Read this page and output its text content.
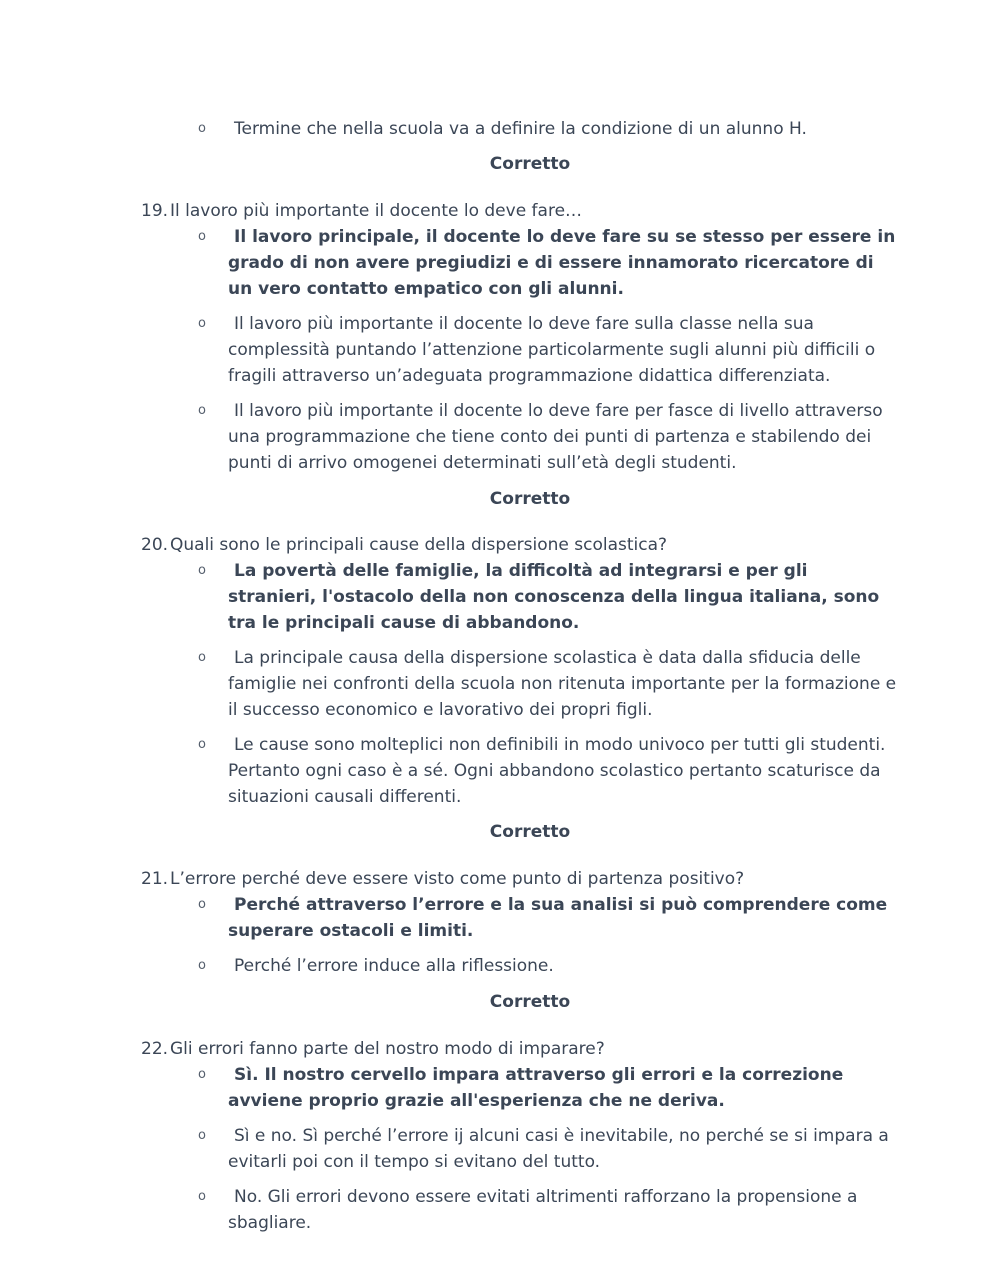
o	Termine che nella scuola va a definire la condizione di un alunno H.
Corretto
19. Il lavoro più importante il docente lo deve fare…
o	Il lavoro principale, il docente lo deve fare su se stesso per essere in grado di non avere pregiudizi e di essere innamorato ricercatore di un vero contatto empatico con gli alunni.
o	Il lavoro più importante il docente lo deve fare sulla classe nella sua complessità puntando l’attenzione particolarmente sugli alunni più difficili o fragili attraverso un’adeguata programmazione didattica differenziata.
o	Il lavoro più importante il docente lo deve fare per fasce di livello attraverso una programmazione che tiene conto dei punti di partenza e stabilendo dei punti di arrivo omogenei determinati sull’età degli studenti.
Corretto
20. Quali sono le principali cause della dispersione scolastica?
o	La povertà delle famiglie, la difficoltà ad integrarsi e per gli stranieri, l'ostacolo della non conoscenza della lingua italiana, sono tra le principali cause di abbandono.
o	La principale causa della dispersione scolastica è data dalla sfiducia delle famiglie nei confronti della scuola non ritenuta importante per la formazione e il successo economico e lavorativo dei propri figli.
o	Le cause sono molteplici non definibili in modo univoco per tutti gli studenti. Pertanto ogni caso è a sé. Ogni abbandono scolastico pertanto scaturisce da situazioni causali differenti.
Corretto
21. L’errore perché deve essere visto come punto di partenza positivo?
o	Perché attraverso l’errore e la sua analisi si può comprendere come superare ostacoli e limiti.
o	Perché l’errore induce alla riflessione.
Corretto
22. Gli errori fanno parte del nostro modo di imparare?
o	Sì. Il nostro cervello impara attraverso gli errori e la correzione avviene proprio grazie all'esperienza che ne deriva.
o	Sì e no. Sì perché l’errore ij alcuni casi è inevitabile, no perché se si impara a evitarli poi con il tempo si evitano del tutto.
o	No. Gli errori devono essere evitati altrimenti rafforzano la propensione a sbagliare.
